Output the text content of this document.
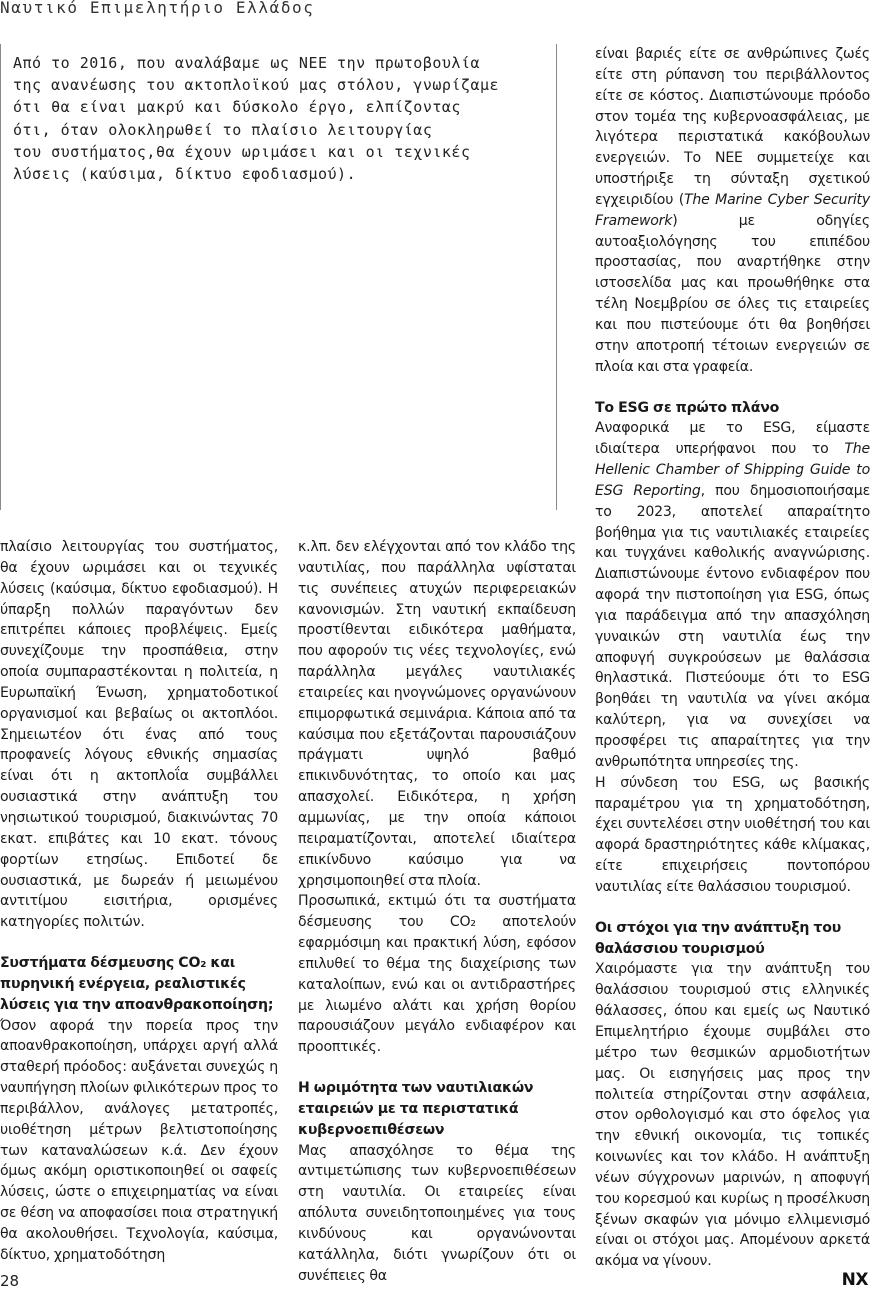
Ναυτικό Επιμελητήριο Ελλάδος
Από το 2016, που αναλάβαμε ως ΝΕΕ την πρωτοβουλία
της ανανέωσης του ακτοπλοϊκού μας στόλου, γνωρίζαμε
ότι θα είναι μακρύ και δύσκολο έργο, ελπίζοντας
ότι, όταν ολοκληρωθεί το πλαίσιο λειτουργίας
του συστήματος,θα έχουν ωριμάσει και οι τεχνικές
λύσεις (καύσιμα, δίκτυο εφοδιασμού).

πλαίσιο λειτουργίας του συστήματος, θα έχουν ωριμάσει και οι τεχνικές λύσεις (καύσιμα, δίκτυο εφοδιασμού). Η ύπαρξη πολλών παραγόντων δεν επιτρέπει κάποιες προβλέψεις. Εμείς συνεχίζουμε την προσπάθεια, στην οποία συμπαραστέκονται η πολιτεία, η Ευρωπαϊκή Ένωση, χρηματοδοτικοί οργανισμοί και βεβαίως οι ακτοπλόοι. Σημειωτέον ότι ένας από τους προφανείς λόγους εθνικής σημασίας είναι ότι η ακτοπλοΐα συμβάλλει ουσιαστικά στην ανάπτυξη του νησιωτικού τουρισμού, διακινώντας 70 εκατ. επιβάτες και 10 εκατ. τόνους φορτίων ετησίως. Επιδοτεί δε ουσιαστικά, με δωρεάν ή μειωμένου αντιτίμου εισιτήρια, ορισμένες κατηγορίες πολιτών.

Συστήματα δέσμευσης CO₂ και πυρηνική ενέργεια, ρεαλιστικές λύσεις για την απoανθρακοποίηση;

Όσον αφορά την πορεία προς την απoανθρακοποίηση, υπάρχει αργή αλλά σταθερή πρόοδος: αυξάνεται συνεχώς η ναυπήγηση πλοίων φιλικότερων προς το περιβάλλον, ανάλογες μετατροπές, υιοθέτηση μέτρων βελτιστοποίησης των καταναλώσεων κ.ά. Δεν έχουν όμως ακόμη οριστικοποιηθεί οι σαφείς λύσεις, ώστε ο επιχειρηματίας να είναι σε θέση να αποφασίσει ποια στρατηγική θα ακολουθήσει. Τεχνολογία, καύσιμα, δίκτυο, χρηματοδότηση

κ.λπ. δεν ελέγχονται από τον κλάδο της ναυτιλίας, που παράλληλα υφίσταται τις συνέπειες ατυχών περιφερειακών κανονισμών. Στη ναυτική εκπαίδευση προστίθενται ειδικότερα μαθήματα, που αφορούν τις νέες τεχνολογίες, ενώ παράλληλα μεγάλες ναυτιλιακές εταιρείες και ηνογνώμονες οργανώνουν επιμορφωτικά σεμινάρια. Κάποια από τα καύσιμα που εξετάζονται παρουσιάζουν πράγματι υψηλό βαθμό επικινδυνότητας, το οποίο και μας απασχολεί. Ειδικότερα, η χρήση αμμωνίας, με την οποία κάποιοι πειραματίζονται, αποτελεί ιδιαίτερα επικίνδυνο καύσιμο για να χρησιμοποιηθεί στα πλοία.

Προσωπικά, εκτιμώ ότι τα συστήματα δέσμευσης του CO₂ αποτελούν εφαρμόσιμη και πρακτική λύση, εφόσον επιλυθεί το θέμα της διαχείρισης των καταλοίπων, ενώ και οι αντιδραστήρες με λιωμένο αλάτι και χρήση θορίου παρουσιάζουν μεγάλο ενδιαφέρον και προοπτικές.

Η ωριμότητα των ναυτιλιακών εταιρειών με τα περιστατικά κυβερνοεπιθέσεων

Μας απασχόλησε το θέμα της αντιμετώπισης των κυβερνοεπιθέσεων στη ναυτιλία. Οι εταιρείες είναι απόλυτα συνειδητοποιημένες για τους κινδύνους και οργανώνονται κατάλληλα, διότι γνωρίζουν ότι οι συνέπειες θα

είναι βαριές είτε σε ανθρώπινες ζωές είτε στη ρύπανση του περιβάλλοντος είτε σε κόστος. Διαπιστώνουμε πρόοδο στον τομέα της κυβερνοασφάλειας, με λιγότερα περιστατικά κακόβουλων ενεργειών. Το ΝΕΕ συμμετείχε και υποστήριξε τη σύνταξη σχετικού εγχειριδίου (The Marine Cyber Security Framework) με οδηγίες αυτοαξιολόγησης του επιπέδου προστασίας, που αναρτήθηκε στην ιστοσελίδα μας και προωθήθηκε στα τέλη Νοεμβρίου σε όλες τις εταιρείες και που πιστεύουμε ότι θα βοηθήσει στην αποτροπή τέτοιων ενεργειών σε πλοία και στα γραφεία.

Το ESG σε πρώτο πλάνο

Αναφορικά με το ESG, είμαστε ιδιαίτερα υπερήφανοι που το The Hellenic Chamber of Shipping Guide to ESG Reporting, που δημοσιοποιήσαμε το 2023, αποτελεί απαραίτητο βοήθημα για τις ναυτιλιακές εταιρείες και τυγχάνει καθολικής αναγνώρισης. Διαπιστώνουμε έντονο ενδιαφέρον που αφορά την πιστοποίηση για ESG, όπως για παράδειγμα από την απασχόληση γυναικών στη ναυτιλία έως την αποφυγή συγκρούσεων με θαλάσσια θηλαστικά. Πιστεύουμε ότι το ESG βοηθάει τη ναυτιλία να γίνει ακόμα καλύτερη, για να συνεχίσει να προσφέρει τις απαραίτητες για την ανθρωπότητα υπηρεσίες της.

Η σύνδεση του ESG, ως βασικής παραμέτρου για τη χρηματοδότηση, έχει συντελέσει στην υιοθέτησή του και αφορά δραστηριότητες κάθε κλίμακας, είτε επιχειρήσεις ποντοπόρου ναυτιλίας είτε θαλάσσιου τουρισμού.

Οι στόχοι για την ανάπτυξη του θαλάσσιου τουρισμού

Χαιρόμαστε για την ανάπτυξη του θαλάσσιου τουρισμού στις ελληνικές θάλασσες, όπου και εμείς ως Ναυτικό Επιμελητήριο έχουμε συμβάλει στο μέτρο των θεσμικών αρμοδιοτήτων μας. Οι εισηγήσεις μας προς την πολιτεία στηρίζονται στην ασφάλεια, στον ορθολογισμό και στο όφελος για την εθνική οικονομία, τις τοπικές κοινωνίες και τον κλάδο. Η ανάπτυξη νέων σύγχρονων μαρινών, η αποφυγή του κορεσμού και κυρίως η προσέλκυση ξένων σκαφών για μόνιμο ελλιμενισμό είναι οι στόχοι μας. Απομένουν αρκετά ακόμα να γίνουν.

28	NX
